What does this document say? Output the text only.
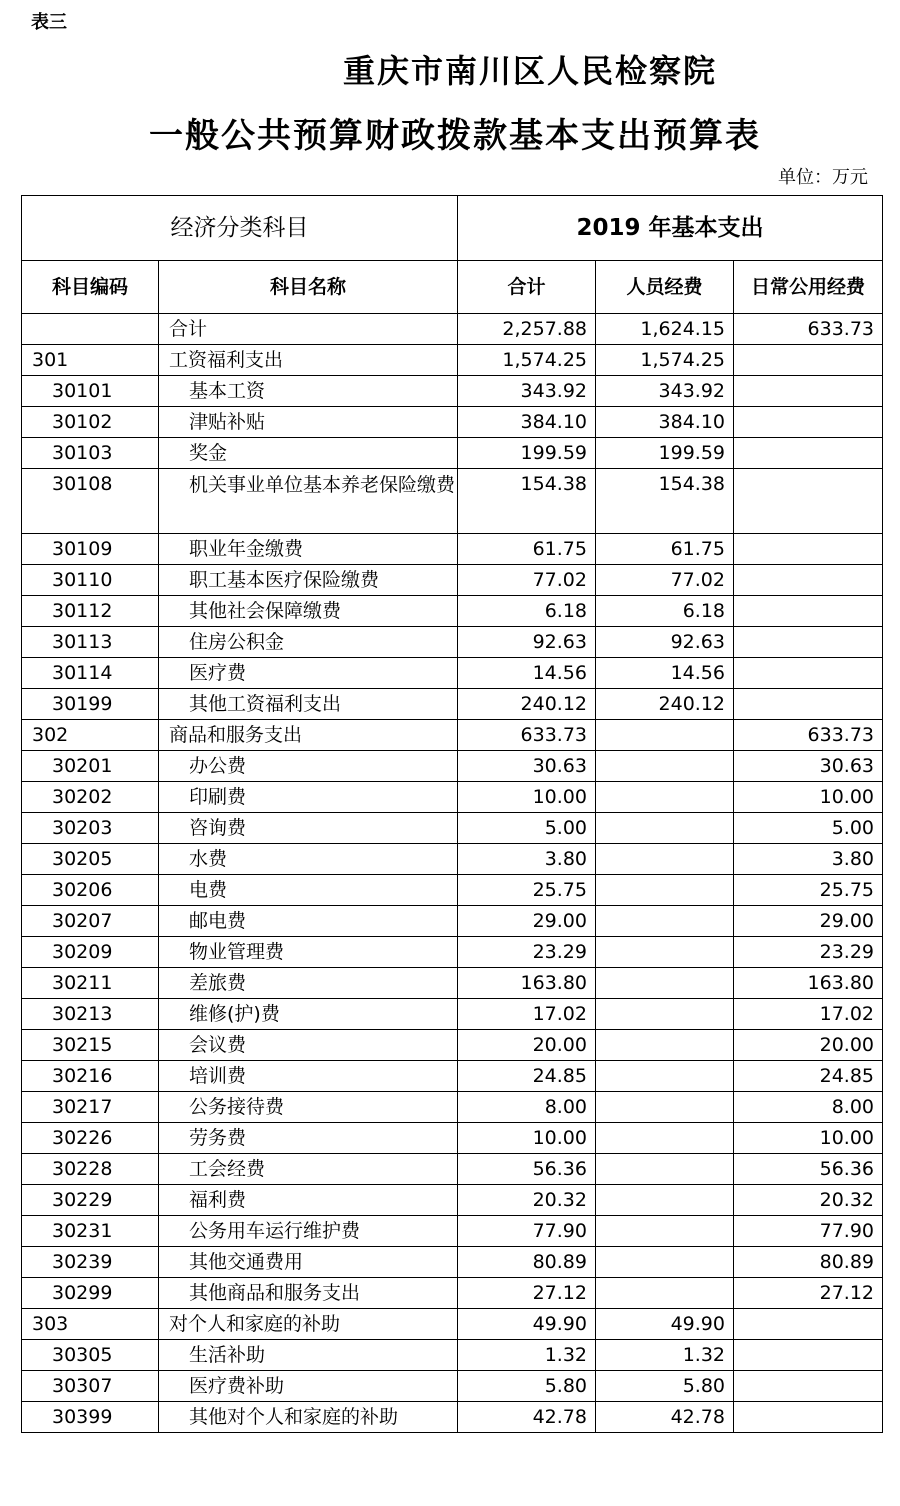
表三
重庆市南川区人民检察院
一般公共预算财政拨款基本支出预算表
单位：万元
经济分类科目		2019 年基本支出		
科目编码	科目名称	合计	人员经费	日常公用经费
	合计	2,257.88	1,624.15	633.73
301	工资福利支出	1,574.25	1,574.25	
30101	基本工资	343.92	343.92	
30102	津贴补贴	384.10	384.10	
30103	奖金	199.59	199.59	
30108	机关事业单位基本养老保险缴费	154.38	154.38	
30109	职业年金缴费	61.75	61.75	
30110	职工基本医疗保险缴费	77.02	77.02	
30112	其他社会保障缴费	6.18	6.18	
30113	住房公积金	92.63	92.63	
30114	医疗费	14.56	14.56	
30199	其他工资福利支出	240.12	240.12	
302	商品和服务支出	633.73		633.73
30201	办公费	30.63		30.63
30202	印刷费	10.00		10.00
30203	咨询费	5.00		5.00
30205	水费	3.80		3.80
30206	电费	25.75		25.75
30207	邮电费	29.00		29.00
30209	物业管理费	23.29		23.29
30211	差旅费	163.80		163.80
30213	维修(护)费	17.02		17.02
30215	会议费	20.00		20.00
30216	培训费	24.85		24.85
30217	公务接待费	8.00		8.00
30226	劳务费	10.00		10.00
30228	工会经费	56.36		56.36
30229	福利费	20.32		20.32
30231	公务用车运行维护费	77.90		77.90
30239	其他交通费用	80.89		80.89
30299	其他商品和服务支出	27.12		27.12
303	对个人和家庭的补助	49.90	49.90	
30305	生活补助	1.32	1.32	
30307	医疗费补助	5.80	5.80	
30399	其他对个人和家庭的补助	42.78	42.78	
